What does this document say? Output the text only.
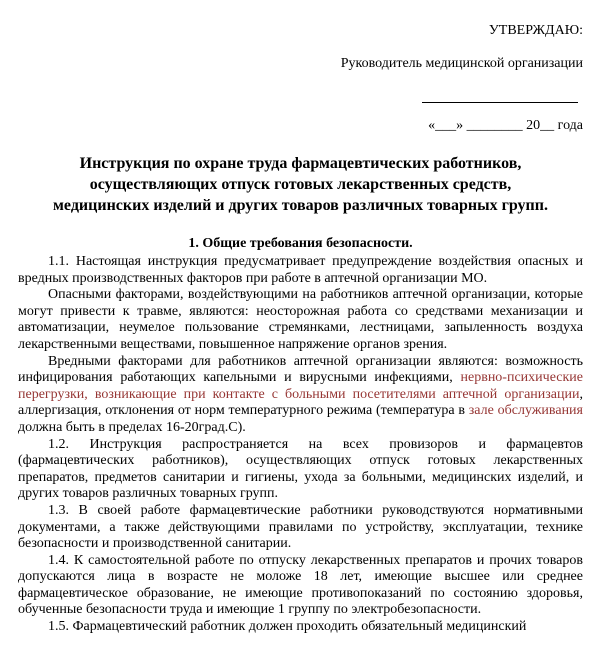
УТВЕРЖДАЮ:
Руководитель медицинской организации
«___» ________ 20__ года
Инструкция по охране труда фармацевтических работников,
осуществляющих отпуск готовых лекарственных средств,
медицинских изделий и других товаров различных товарных групп.
1. Общие требования безопасности.

1.1. Настоящая инструкция предусматривает предупреждение воздействия опасных и вредных производственных факторов при работе в аптечной организации МО.

Опасными факторами, воздействующими на работников аптечной организации, которые могут привести к травме, являются: неосторожная работа со средствами механизации и автоматизации, неумелое пользование стремянками, лестницами, запыленность воздуха лекарственными веществами, повышенное напряжение органов зрения.

Вредными факторами для работников аптечной организации являются: возможность инфицирования работающих капельными и вирусными инфекциями, нервно-психические перегрузки, возникающие при контакте с больными посетителями аптечной организации, аллергизация, отклонения от норм температурного режима (температура в зале обслуживания должна быть в пределах 16-20град.С).

1.2. Инструкция распространяется на всех провизоров и фармацевтов (фармацевтических работников), осуществляющих отпуск готовых лекарственных препаратов, предметов санитарии и гигиены, ухода за больными, медицинских изделий, и других товаров различных товарных групп.

1.3. В своей работе фармацевтические работники руководствуются нормативными документами, а также действующими правилами по устройству, эксплуатации, технике безопасности и производственной санитарии.

1.4. К самостоятельной работе по отпуску лекарственных препаратов и прочих товаров допускаются лица в возрасте не моложе 18 лет, имеющие высшее или среднее фармацевтическое образование, не имеющие противопоказаний по состоянию здоровья, обученные безопасности труда и имеющие 1 группу по электробезопасности.

1.5. Фармацевтический работник должен проходить обязательный медицинский
